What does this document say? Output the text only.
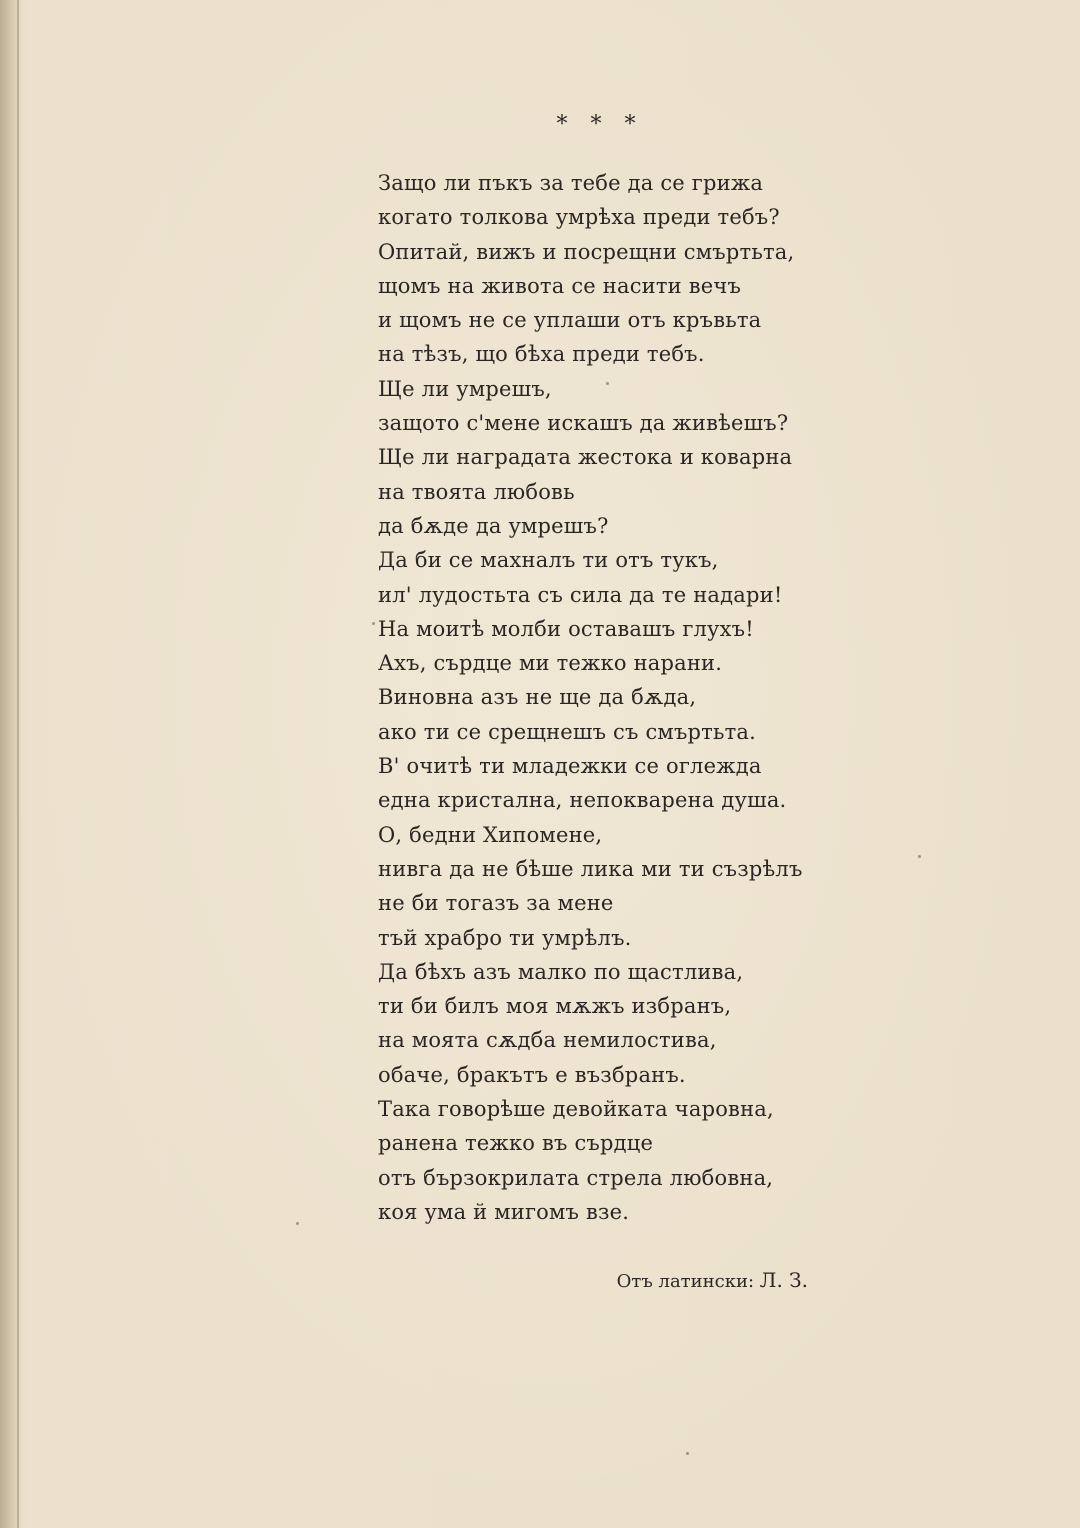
* * *
Защо ли пъкъ за тебе да се грижа
когато толкова умрѣха преди тебъ?
Опитай, вижъ и посрещни смъртьта,
щомъ на живота се насити вечъ
и щомъ не се уплаши отъ кръвьта
на тѣзъ, що бѣха преди тебъ.
Ще ли умрешъ,
защото с'мене искашъ да живѣешъ?
Ще ли наградата жестока и коварна
на твоята любовь
да бѫде да умрешъ?
Да би се махналъ ти отъ тукъ,
ил' лудостьта съ сила да те надари!
На моитѣ молби оставашъ глухъ!
Ахъ, сърдце ми тежко нарани.
Виновна азъ не ще да бѫда,
ако ти се срещнешъ съ смъртьта.
В' очитѣ ти младежки се оглежда
една кристална, непокварена душа.
О, бедни Хипомене,
нивга да не бѣше лика ми ти съзрѣлъ
не би тогазъ за мене
тъй храбро ти умрѣлъ.
Да бѣхъ азъ малко по щастлива,
ти би билъ моя мѫжъ избранъ,
на моята сѫдба немилостива,
обаче, бракътъ е възбранъ.
Така говорѣше девойката чаровна,
ранена тежко въ сърдце
отъ бързокрилата стрела любовна,
коя ума й мигомъ взе.
Отъ латински: Л. З.
